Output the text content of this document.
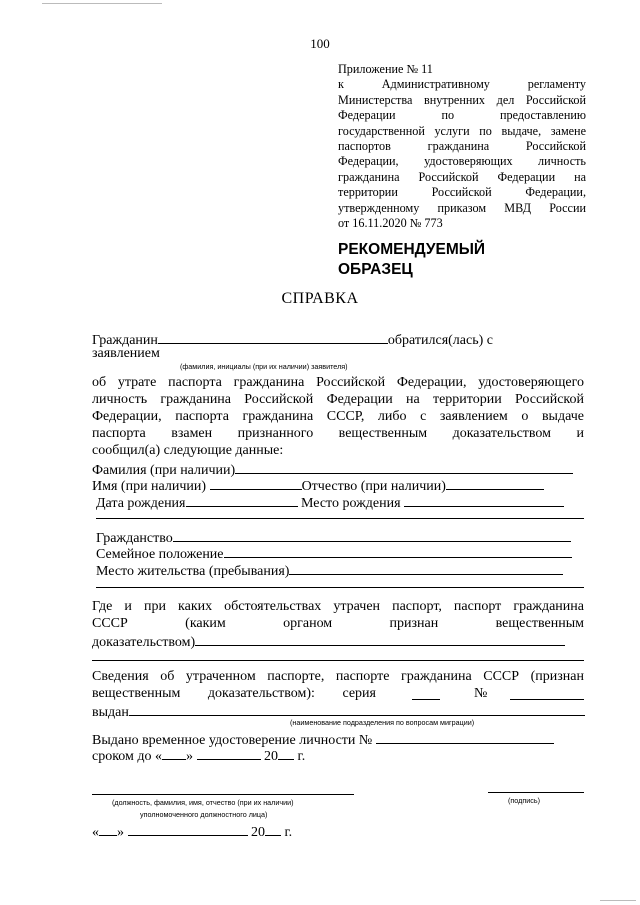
100
Приложение № 11
к Административному регламенту
Министерства внутренних дел Российской
Федерации по предоставлению
государственной услуги по выдаче, замене
паспортов гражданина Российской
Федерации, удостоверяющих личность
гражданина Российской Федерации на
территории Российской Федерации,
утвержденному приказом МВД России
от 16.11.2020 № 773
РЕКОМЕНДУЕМЫЙ
ОБРАЗЕЦ
СПРАВКА
Гражданин	обратился(лась) с
заявлением
(фамилия, инициалы (при их наличии) заявителя)
об утрате паспорта гражданина Российской Федерации, удостоверяющего
личность гражданина Российской Федерации на территории Российской
Федерации, паспорта гражданина СССР, либо с заявлением о выдаче
паспорта взамен признанного вещественным доказательством и
сообщил(а) следующие данные:
Фамилия (при наличии)
Имя (при наличии)	Отчество (при наличии)
Дата рождения	Место рождения
Гражданство
Семейное положение
Место жительства (пребывания)
Где и при каких обстоятельствах утрачен паспорт, паспорт гражданина
СССР (каким органом признан вещественным
доказательством)
Сведения об утраченном паспорте, паспорте гражданина СССР (признан
вещественным доказательством): серия	№
выдан
(наименование подразделения по вопросам миграции)
Выдано временное удостоверение личности №
сроком до « »	20 г.
(должность, фамилия, имя, отчество (при их наличии)
уполномоченного должностного лица)
(подпись)
« »	20 г.
